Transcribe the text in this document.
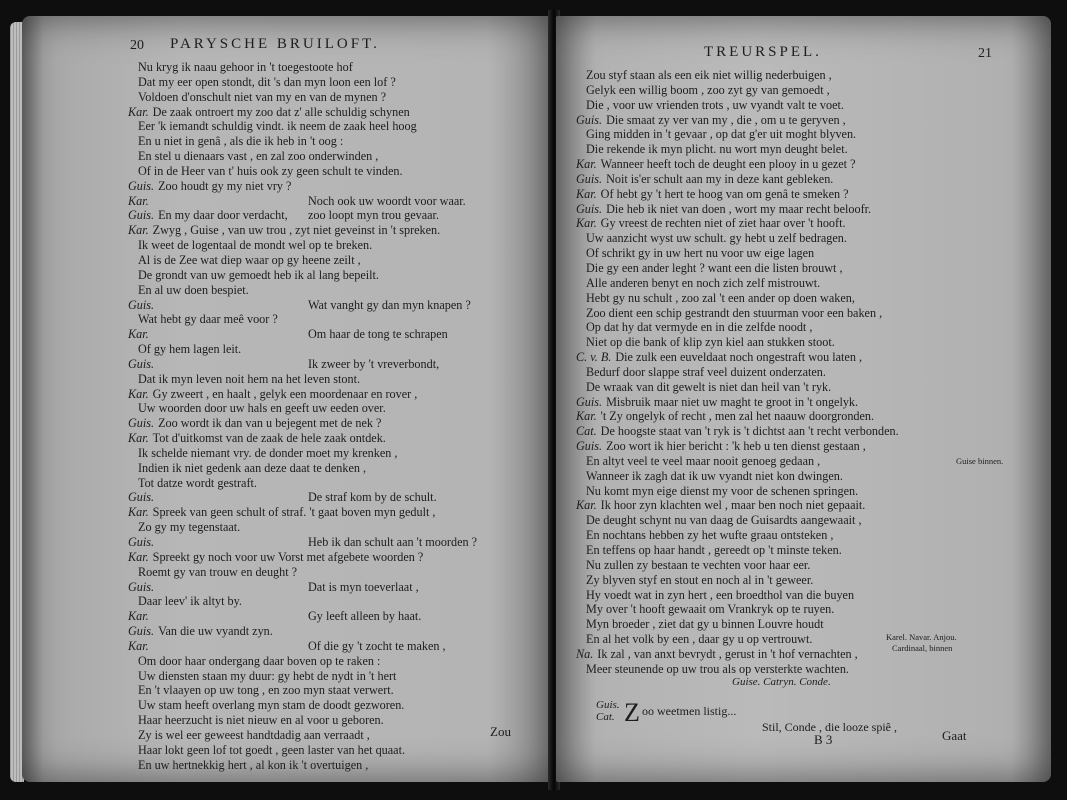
20 PARYSCHE BRUILOFT.
Nu kryg ik naau gehoor in 't toegestoote hof
Dat my eer open stondt, dit 's dan myn loon een lof ?
Voldoen d'onschult niet van my en van de mynen ?
Kar. De zaak ontroert my zoo dat z' alle schuldig schynen
Eer 'k iemandt schuldig vindt. ik neem de zaak heel hoog
En u niet in genâ , als die ik heb in 't oog :
En stel u dienaars vast , en zal zoo onderwinden ,
Of in de Heer van t' huis ook zy geen schult te vinden.
Guis. Zoo houdt gy my niet vry ?
Kar.	Noch ook uw woordt voor waar.
Guis. En my daar door verdacht, zoo loopt myn trou gevaar.
Kar. Zwyg , Guise , van uw trou , zyt niet geveinst in 't spreken.
Ik weet de logentaal de mondt wel op te breken.
Al is de Zee wat diep waar op gy heene zeilt ,
De grondt van uw gemoedt heb ik al lang bepeilt.
En al uw doen bespiet.
Guis.	Wat vanght gy dan myn knapen ?
Wat hebt gy daar meê voor ?
Kar.	Om haar de tong te schrapen
Of gy hem lagen leit.
Guis.	Ik zweer by 't vreverbondt,
Dat ik myn leven noit hem na het leven stont.
Kar. Gy zweert , en haalt , gelyk een moordenaar en rover ,
Uw woorden door uw hals en geeft uw eeden over.
Guis. Zoo wordt ik dan van u bejegent met de nek ?
Kar. Tot d'uitkomst van de zaak de hele zaak ontdek.
Ik schelde niemant vry. de donder moet my krenken ,
Indien ik niet gedenk aan deze daat te denken ,
Tot datze wordt gestraft.
Guis.	De straf kom by de schult.
Kar. Spreek van geen schult of straf. 't gaat boven myn gedult ,
Zo gy my tegenstaat.
Guis.	Heb ik dan schult aan 't moorden ?
Kar. Spreekt gy noch voor uw Vorst met afgebete woorden ?
Roemt gy van trouw en deught ?
Guis.	Dat is myn toeverlaat ,
Daar leev' ik altyt by.
Kar.	Gy leeft alleen by haat.
Guis. Van die uw vyandt zyn.
Kar.	Of die gy 't zocht te maken ,
Om door haar ondergang daar boven op te raken :
Uw diensten staan my duur: gy hebt de nydt in 't hert
En 't vlaayen op uw tong , en zoo myn staat verwert.
Uw stam heeft overlang myn stam de doodt gezworen.
Haar heerzucht is niet nieuw en al voor u geboren.
Zy is wel eer geweest handtdadig aan verraadt ,
Haar lokt geen lof tot goedt , geen laster van het quaat.
En uw hertnekkig hert , al kon ik 't overtuigen ,
Zou
TREURSPEL.	21
Zou styf staan als een eik niet willig nederbuigen ,
Gelyk een willig boom , zoo zyt gy van gemoedt ,
Die , voor uw vrienden trots , uw vyandt valt te voet.
Guis. Die smaat zy ver van my , die , om u te geryven ,
Ging midden in 't gevaar , op dat g'er uit moght blyven.
Die rekende ik myn plicht. nu wort myn deught belet.
Kar. Wanneer heeft toch de deught een plooy in u gezet ?
Guis. Noit is'er schult aan my in deze kant gebleken.
Kar. Of hebt gy 't hert te hoog van om genâ te smeken ?
Guis. Die heb ik niet van doen , wort my maar recht beloofr.
Kar. Gy vreest de rechten niet of ziet haar over 't hooft.
Uw aanzicht wyst uw schult. gy hebt u zelf bedragen.
Of schrikt gy in uw hert nu voor uw eige lagen
Die gy een ander leght ? want een die listen brouwt ,
Alle anderen benyt en noch zich zelf mistrouwt.
Hebt gy nu schult , zoo zal 't een ander op doen waken,
Zoo dient een schip gestrandt den stuurman voor een baken ,
Op dat hy dat vermyde en in die zelfde noodt ,
Niet op die bank of klip zyn kiel aan stukken stoot.
C. v. B. Die zulk een euveldaat noch ongestraft wou laten ,
Bedurf door slappe straf veel duizent onderzaten.
De wraak van dit gewelt is niet dan heil van 't ryk.
Guis. Misbruik maar niet uw maght te groot in 't ongelyk.
Kar. 't Zy ongelyk of recht , men zal het naauw doorgronden.
Cat. De hoogste staat van 't ryk is 't dichtst aan 't recht verbonden.
Guis. Zoo wort ik hier bericht : 'k heb u ten dienst gestaan ,
En altyt veel te veel maar nooit genoeg gedaan ,
Wanneer ik zagh dat ik uw vyandt niet kon dwingen.
Nu komt myn eige dienst my voor de schenen springen.
Kar. Ik hoor zyn klachten wel , maar ben noch niet gepaait.
De deught schynt nu van daag de Guisardts aangewaait ,
En nochtans hebben zy het wufte graau ontsteken ,
En teffens op haar handt , gereedt op 't minste teken.
Nu zullen zy bestaan te vechten voor haar eer.
Zy blyven styf en stout en noch al in 't geweer.
Hy voedt wat in zyn hert , een broedthol van die buyen
My over 't hooft gewaait om Vrankryk op te ruyen.
Myn broeder , ziet dat gy u binnen Louvre houdt
En al het volk by een , daar gy u op vertrouwt.
Na. Ik zal , van anxt bevrydt , gerust in 't hof vernachten ,
Meer steunende op uw trou als op versterkte wachten.
Guise binnen.
Karel. Navar. Anjou.
Cardinaal, binnen
Guise. Catryn. Conde.
Guis.
Cat. Z oo weetmen listig...
Stil, Conde , die looze spiê ,
B 3	Gaat
